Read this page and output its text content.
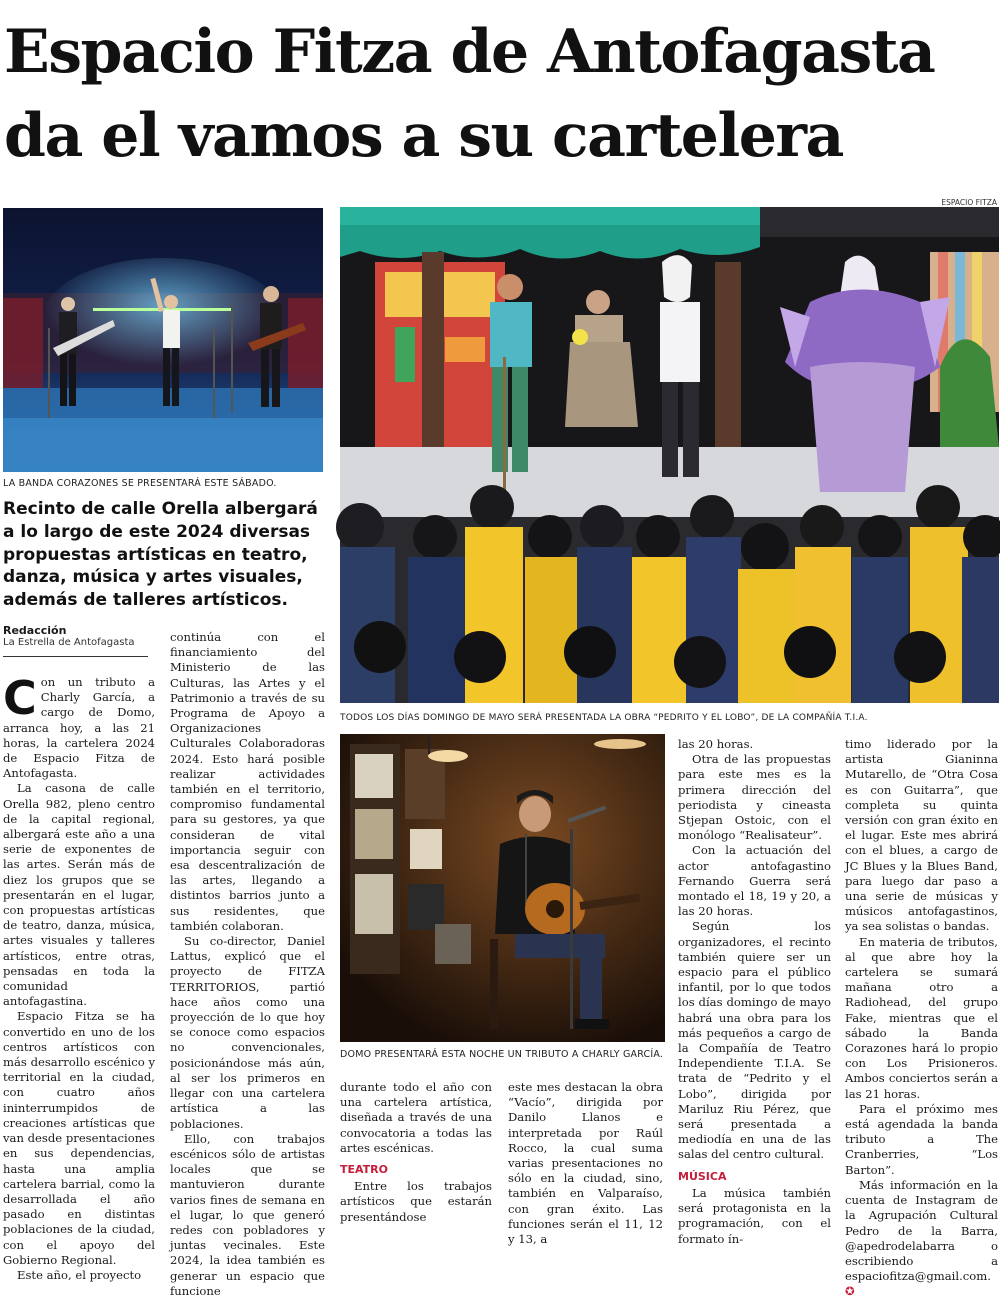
Espacio Fitza de Antofagasta
da el vamos a su cartelera
LA BANDA CORAZONES SE PRESENTARÁ ESTE SÁBADO.
ESPACIO FITZA
TODOS LOS DÍAS DOMINGO DE MAYO SERÁ PRESENTADA LA OBRA “PEDRITO Y EL LOBO”, DE LA COMPAÑÍA T.I.A.
DOMO PRESENTARÁ ESTA NOCHE UN TRIBUTO A CHARLY GARCÍA.

Recinto de calle Orella albergará a lo largo de este 2024 diversas propuestas artísticas en teatro, danza, música y artes visuales, además de talleres artísticos.

Redacción
La Estrella de Antofagasta

Con un tributo a Charly García, a cargo de Domo, arranca hoy, a las 21 horas, la cartelera 2024 de Espacio Fitza de Antofagasta.

La casona de calle Orella 982, pleno centro de la capital regional, albergará este año a una serie de exponentes de las artes. Serán más de diez los grupos que se presentarán en el lugar, con propuestas artísticas de teatro, danza, música, artes visuales y talleres artísticos, entre otras, pensadas en toda la comunidad antofagastina.

Espacio Fitza se ha convertido en uno de los centros artísticos con más desarrollo escénico y territorial en la ciudad, con cuatro años ininterrumpidos de creaciones artísticas que van desde presentaciones en sus dependencias, hasta una amplia cartelera barrial, como la desarrollada el año pasado en distintas poblaciones de la ciudad, con el apoyo del Gobierno Regional.

Este año, el proyecto

continúa con el financiamiento del Ministerio de las Culturas, las Artes y el Patrimonio a través de su Programa de Apoyo a Organizaciones Culturales Colaboradoras 2024. Esto hará posible realizar actividades también en el territorio, compromiso fundamental para su gestores, ya que consideran de vital importancia seguir con esa descentralización de las artes, llegando a distintos barrios junto a sus residentes, que también colaboran.

Su co-director, Daniel Lattus, explicó que el proyecto de FITZA TERRITORIOS, partió hace años como una proyección de lo que hoy se conoce como espacios no convencionales, posicionándose más aún, al ser los primeros en llegar con una cartelera artística a las poblaciones.

Ello, con trabajos escénicos sólo de artistas locales que se mantuvieron durante varios fines de semana en el lugar, lo que generó redes con pobladores y juntas vecinales. Este 2024, la idea también es generar un espacio que funcione

durante todo el año con una cartelera artística, diseñada a través de una convocatoria a todas las artes escénicas.

TEATRO

Entre los trabajos artísticos que estarán presentándose

este mes destacan la obra “Vacío”, dirigida por Danilo Llanos e interpretada por Raúl Rocco, la cual suma varias presentaciones no sólo en la ciudad, sino, también en Valparaíso, con gran éxito. Las funciones serán el 11, 12 y 13, a

las 20 horas.

Otra de las propuestas para este mes es la primera dirección del periodista y cineasta Stjepan Ostoic, con el monólogo “Realisateur”.

Con la actuación del actor antofagastino Fernando Guerra será montado el 18, 19 y 20, a las 20 horas.

Según los organizadores, el recinto también quiere ser un espacio para el público infantil, por lo que todos los días domingo de mayo habrá una obra para los más pequeños a cargo de la Compañía de Teatro Independiente T.I.A. Se trata de “Pedrito y el Lobo”, dirigida por Mariluz Riu Pérez, que será presentada a mediodía en una de las salas del centro cultural.

MÚSICA

La música también será protagonista en la programación, con el formato ín-

timo liderado por la artista Gianinna Mutarello, de “Otra Cosa es con Guitarra”, que completa su quinta versión con gran éxito en el lugar. Este mes abrirá con el blues, a cargo de JC Blues y la Blues Band, para luego dar paso a una serie de músicas y músicos antofagastinos, ya sea solistas o bandas.

En materia de tributos, al que abre hoy la cartelera se sumará mañana otro a Radiohead, del grupo Fake, mientras que el sábado la Banda Corazones hará lo propio con Los Prisioneros. Ambos conciertos serán a las 21 horas.

Para el próximo mes está agendada la banda tributo a The Cranberries, “Los Barton”.

Más información en la cuenta de Instagram de la Agrupación Cultural Pedro de la Barra, @apedrodelabarra o escribiendo a espaciofitza@gmail.com. ✪
